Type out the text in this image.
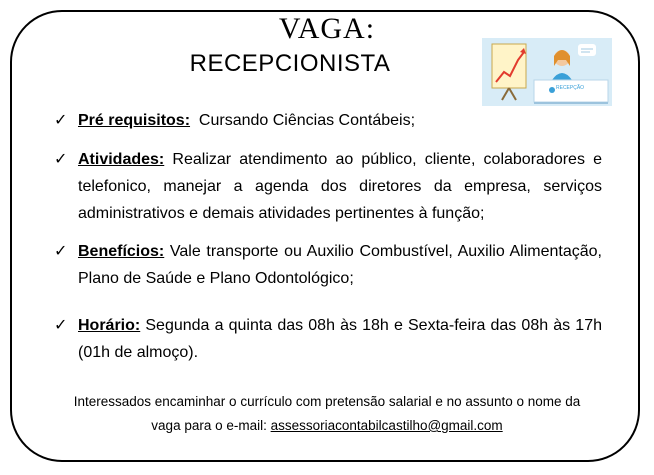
VAGA:
RECEPCIONISTA
RECEPÇÃO
✓ Pré requisitos: Cursando Ciências Contábeis;
✓ Atividades: Realizar atendimento ao público, cliente, colaboradores e telefonico, manejar a agenda dos diretores da empresa, serviços administrativos e demais atividades pertinentes à função;
✓ Benefícios: Vale transporte ou Auxilio Combustível, Auxilio Alimentação, Plano de Saúde e Plano Odontológico;
✓ Horário: Segunda a quinta das 08h às 18h e Sexta-feira das 08h às 17h (01h de almoço).
Interessados encaminhar o currículo com pretensão salarial e no assunto o nome da
vaga para o e-mail: assessoriacontabilcastilho@gmail.com
